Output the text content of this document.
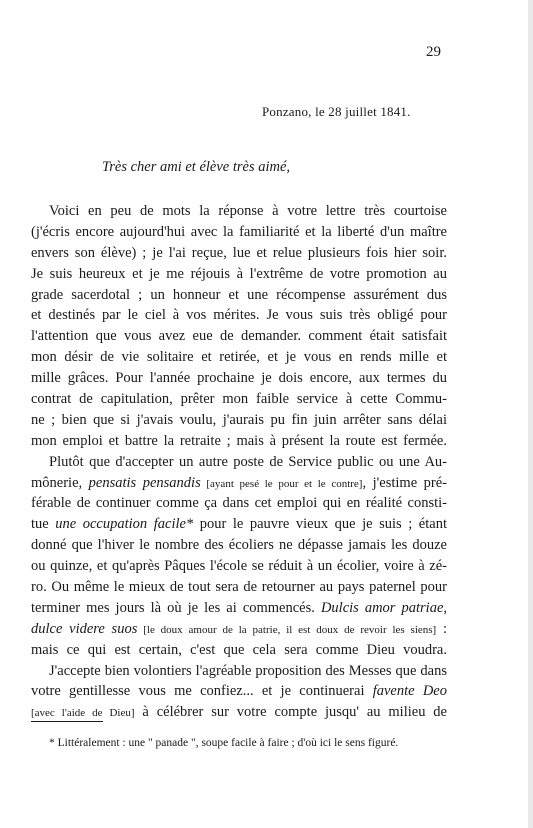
29
Ponzano, le 28 juillet 1841.
Très cher ami et élève très aimé,
Voici en peu de mots la réponse à votre lettre très courtoise
(j'écris encore aujourd'hui avec la familiarité et la liberté d'un maître
envers son élève) ; je l'ai reçue, lue et relue plusieurs fois hier soir.
Je suis heureux et je me réjouis à l'extrême de votre promotion au
grade sacerdotal ; un honneur et une récompense assurément dus
et destinés par le ciel à vos mérites. Je vous suis très obligé pour
l'attention que vous avez eue de demander. comment était satisfait
mon désir de vie solitaire et retirée, et je vous en rends mille et
mille grâces. Pour l'année prochaine je dois encore, aux termes du
contrat de capitulation, prêter mon faible service à cette Commu-
ne ; bien que si j'avais voulu, j'aurais pu fin juin arrêter sans délai
mon emploi et battre la retraite ; mais à présent la route est fermée.
Plutôt que d'accepter un autre poste de Service public ou une Au-
mônerie, pensatis pensandis [ayant pesé le pour et le contre], j'estime pré-
férable de continuer comme ça dans cet emploi qui en réalité consti-
tue une occupation facile* pour le pauvre vieux que je suis ; étant
donné que l'hiver le nombre des écoliers ne dépasse jamais les douze
ou quinze, et qu'après Pâques l'école se réduit à un écolier, voire à zé-
ro. Ou même le mieux de tout sera de retourner au pays paternel pour
terminer mes jours là où je les ai commencés. Dulcis amor patriae,
dulce videre suos [le doux amour de la patrie, il est doux de revoir les siens] :
mais ce qui est certain, c'est que cela sera comme Dieu voudra.
J'accepte bien volontiers l'agréable proposition des Messes que dans
votre gentillesse vous me confiez... et je continuerai favente Deo
[avec l'aide de Dieu] à célébrer sur votre compte jusqu' au milieu de
* Littéralement : une " panade ", soupe facile à faire ; d'où ici le sens figuré.
